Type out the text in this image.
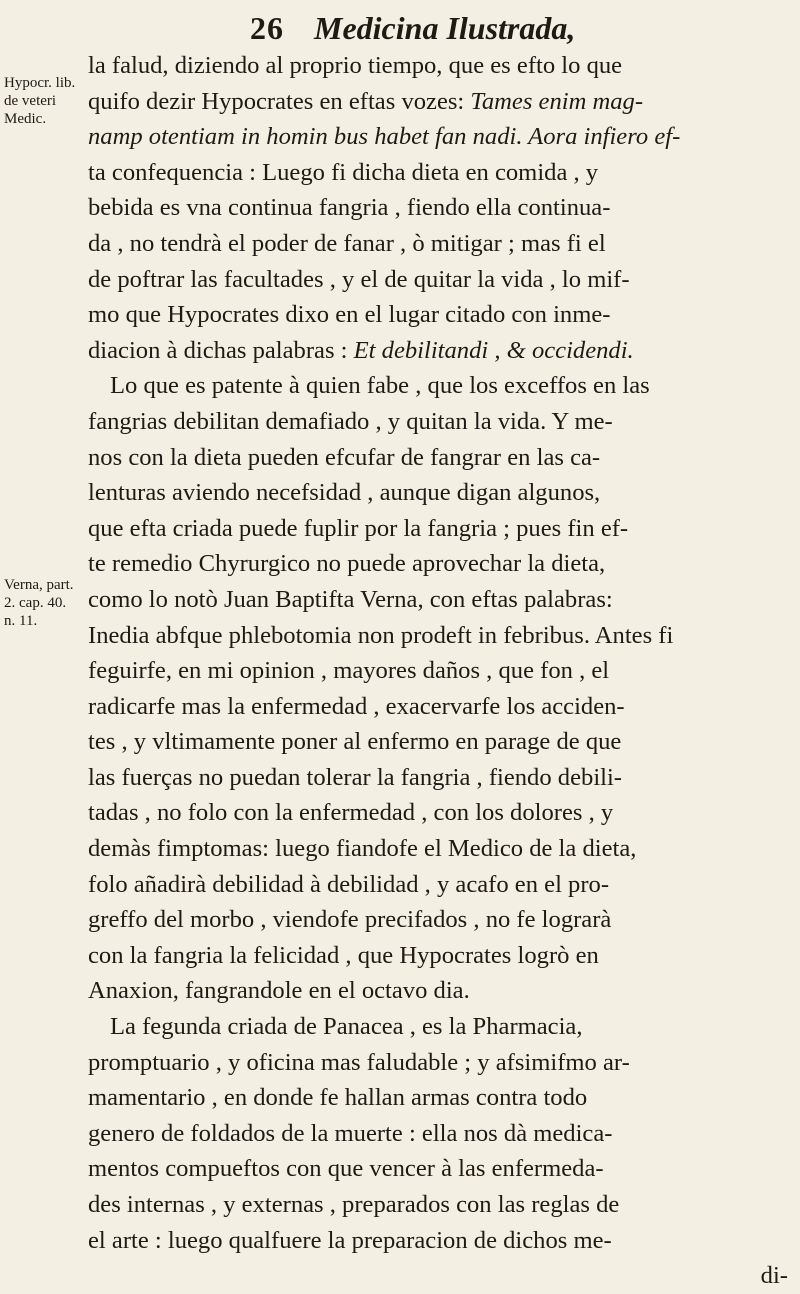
26 Medicina Ilustrada,
Hypocr. lib. de veteri Medic.
Verna, part. 2. cap. 40. n. 11.
la falud, diziendo al proprio tiempo, que es efto lo que
quifo dezir Hypocrates en eftas vozes: Tames enim mag-
namp otentiam in homin bus habet fan nadi. Aora infiero ef-
ta confequencia : Luego fi dicha dieta en comida , y
bebida es vna continua fangria , fiendo ella continua-
da , no tendrà el poder de fanar , ò mitigar ; mas fi el
de poftrar las facultades , y el de quitar la vida , lo mif-
mo que Hypocrates dixo en el lugar citado con inme-
diacion à dichas palabras : Et debilitandi , & occidendi.
Lo que es patente à quien fabe , que los exceffos en las
fangrias debilitan demafiado , y quitan la vida. Y me-
nos con la dieta pueden efcufar de fangrar en las ca-
lenturas aviendo necefsidad , aunque digan algunos,
que efta criada puede fuplir por la fangria ; pues fin ef-
te remedio Chyrurgico no puede aprovechar la dieta,
como lo notò Juan Baptifta Verna, con eftas palabras:
Inedia abfque phlebotomia non prodeft in febribus. Antes fi
feguirfe, en mi opinion , mayores daños , que fon , el
radicarfe mas la enfermedad , exacervarfe los acciden-
tes , y vltimamente poner al enfermo en parage de que
las fuerças no puedan tolerar la fangria , fiendo debili-
tadas , no folo con la enfermedad , con los dolores , y
demàs fimptomas: luego fiandofe el Medico de la dieta,
folo añadirà debilidad à debilidad , y acafo en el pro-
greffo del morbo , viendofe precifados , no fe lograrà
con la fangria la felicidad , que Hypocrates logrò en
Anaxion, fangrandole en el octavo dia.
La fegunda criada de Panacea , es la Pharmacia,
promptuario , y oficina mas faludable ; y afsimifmo ar-
mamentario , en donde fe hallan armas contra todo
genero de foldados de la muerte : ella nos dà medica-
mentos compueftos con que vencer à las enfermeda-
des internas , y externas , preparados con las reglas de
el arte : luego qualfuere la preparacion de dichos me-
di-
